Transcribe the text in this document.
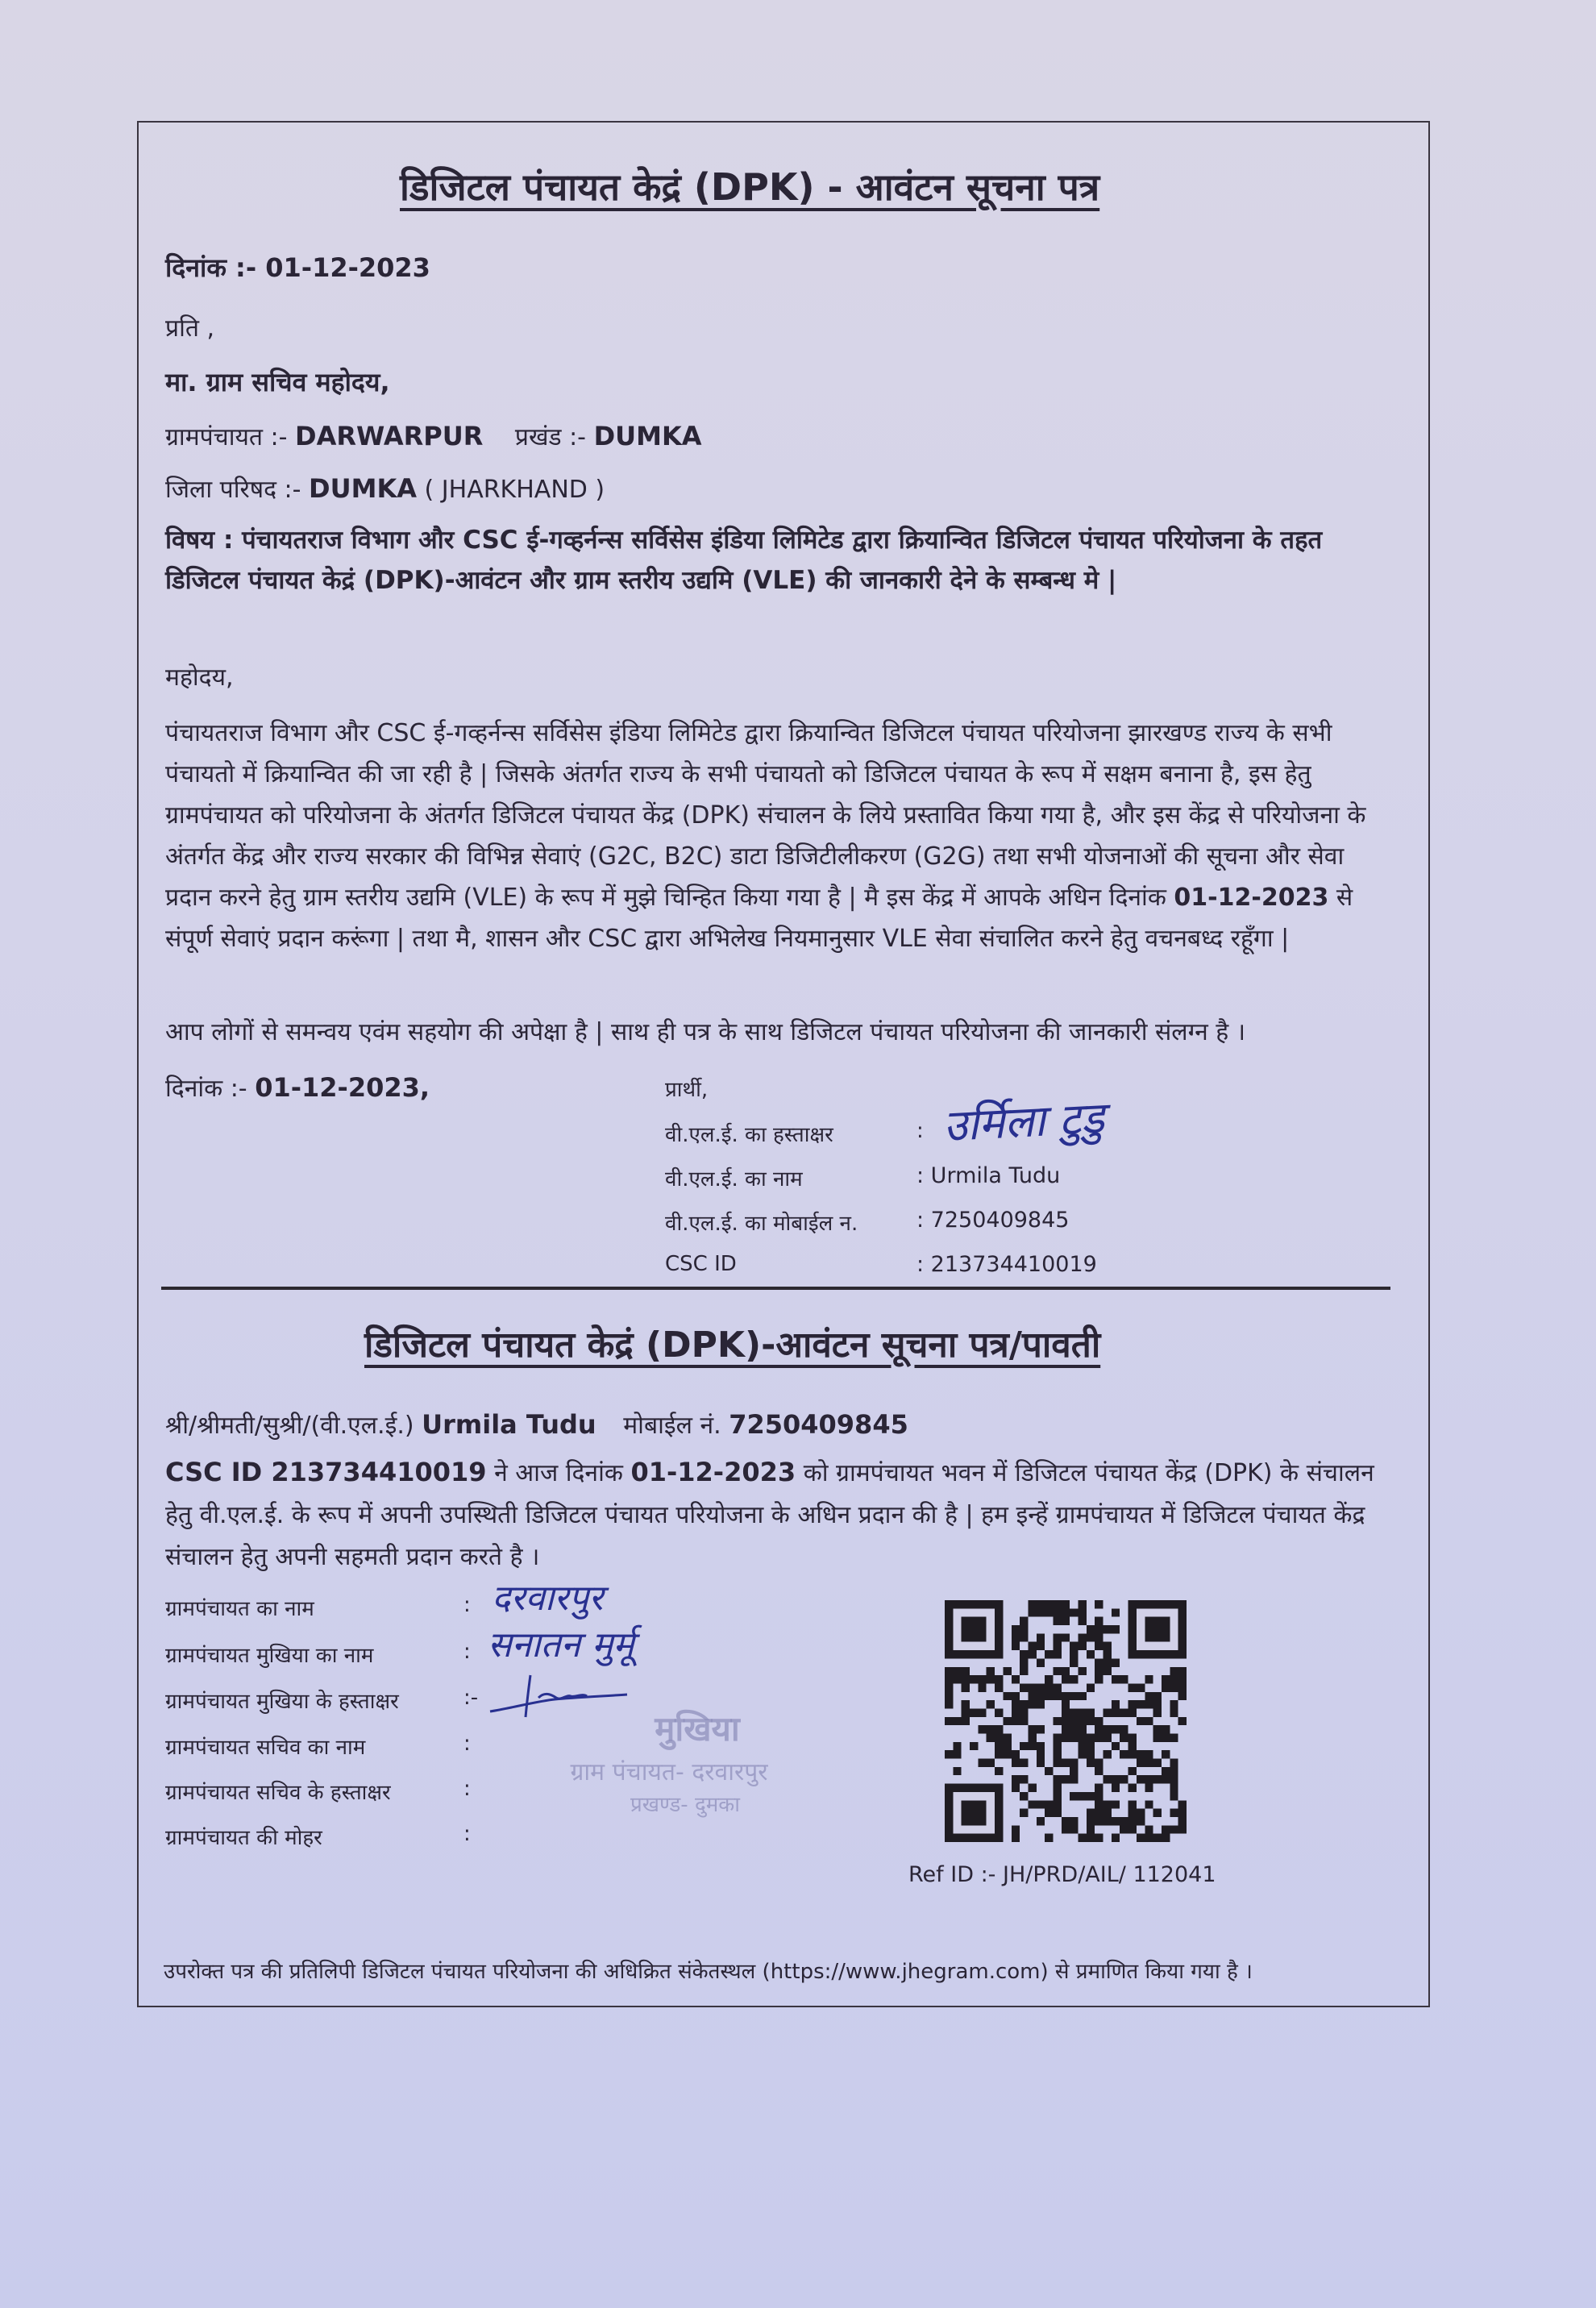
डिजिटल पंचायत केद्रं (DPK) - आवंटन सूचना पत्र
दिनांक :- 01-12-2023
प्रति ,
मा. ग्राम सचिव महोदय,
ग्रामपंचायत :- DARWARPUR प्रखंड :- DUMKA
जिला परिषद :- DUMKA ( JHARKHAND )
विषय : पंचायतराज विभाग और CSC ई-गव्हर्नन्स सर्विसेस इंडिया लिमिटेड द्वारा क्रियान्वित डिजिटल पंचायत परियोजना के तहत डिजिटल पंचायत केद्रं (DPK)-आवंटन और ग्राम स्तरीय उद्यमि (VLE) की जानकारी देने के सम्बन्ध मे |
महोदय,
पंचायतराज विभाग और CSC ई-गव्हर्नन्स सर्विसेस इंडिया लिमिटेड द्वारा क्रियान्वित डिजिटल पंचायत परियोजना झारखण्ड राज्य के सभी पंचायतो में क्रियान्वित की जा रही है | जिसके अंतर्गत राज्य के सभी पंचायतो को डिजिटल पंचायत के रूप में सक्षम बनाना है, इस हेतु ग्रामपंचायत को परियोजना के अंतर्गत डिजिटल पंचायत केंद्र (DPK) संचालन के लिये प्रस्तावित किया गया है, और इस केंद्र से परियोजना के अंतर्गत केंद्र और राज्य सरकार की विभिन्न सेवाएं (G2C, B2C) डाटा डिजिटीलीकरण (G2G) तथा सभी योजनाओं की सूचना और सेवा प्रदान करने हेतु ग्राम स्तरीय उद्यमि (VLE) के रूप में मुझे चिन्हित किया गया है | मै इस केंद्र में आपके अधिन दिनांक 01-12-2023 से संपूर्ण सेवाएं प्रदान करूंगा | तथा मै, शासन और CSC द्वारा अभिलेख नियमानुसार VLE सेवा संचालित करने हेतु वचनबध्द रहूँगा |
आप लोगों से समन्वय एवंम सहयोग की अपेक्षा है | साथ ही पत्र के साथ डिजिटल पंचायत परियोजना की जानकारी संलग्न है ।
दिनांक :- 01-12-2023,	प्रार्थी,
वी.एल.ई. का हस्ताक्षर	: उर्मिला टुडु
वी.एल.ई. का नाम	: Urmila Tudu
वी.एल.ई. का मोबाईल न.	: 7250409845
CSC ID	: 213734410019
डिजिटल पंचायत केद्रं (DPK)-आवंटन सूचना पत्र/पावती
श्री/श्रीमती/सुश्री/(वी.एल.ई.) Urmila Tudu मोबाईल नं. 7250409845
CSC ID 213734410019 ने आज दिनांक 01-12-2023 को ग्रामपंचायत भवन में डिजिटल पंचायत केंद्र (DPK) के संचालन हेतु वी.एल.ई. के रूप में अपनी उपस्थिती डिजिटल पंचायत परियोजना के अधिन प्रदान की है | हम इन्हें ग्रामपंचायत में डिजिटल पंचायत केंद्र संचालन हेतु अपनी सहमती प्रदान करते है ।
ग्रामपंचायत का नाम	: दरवारपुर
ग्रामपंचायत मुखिया का नाम	: सनातन मुर्मू
ग्रामपंचायत मुखिया के हस्ताक्षर	:-
ग्रामपंचायत सचिव का नाम	:
ग्रामपंचायत सचिव के हस्ताक्षर	:
ग्रामपंचायत की मोहर	:
मुखिया
ग्राम पंचायत- दरवारपुर
प्रखण्ड- दुमका
Ref ID :- JH/PRD/AIL/ 112041
उपरोक्त पत्र की प्रतिलिपी डिजिटल पंचायत परियोजना की अधिक्रित संकेतस्थल (https://www.jhegram.com) से प्रमाणित किया गया है ।
